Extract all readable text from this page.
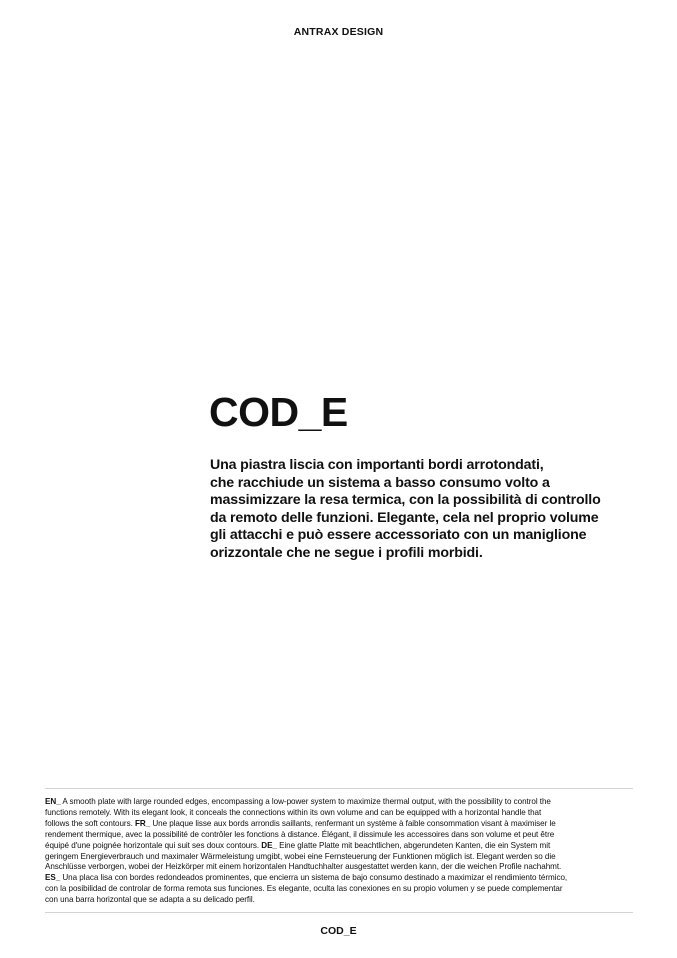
ANTRAX DESIGN
COD_E

Una piastra liscia con importanti bordi arrotondati,
che racchiude un sistema a basso consumo volto a
massimizzare la resa termica, con la possibilità di controllo
da remoto delle funzioni. Elegante, cela nel proprio volume
gli attacchi e può essere accessoriato con un maniglione
orizzontale che ne segue i profili morbidi.

EN_ A smooth plate with large rounded edges, encompassing a low-power system to maximize thermal output, with the possibility to control the
functions remotely. With its elegant look, it conceals the connections within its own volume and can be equipped with a horizontal handle that
follows the soft contours. FR_ Une plaque lisse aux bords arrondis saillants, renfermant un système à faible consommation visant à maximiser le
rendement thermique, avec la possibilité de contrôler les fonctions à distance. Élégant, il dissimule les accessoires dans son volume et peut être
équipé d'une poignée horizontale qui suit ses doux contours. DE_ Eine glatte Platte mit beachtlichen, abgerundeten Kanten, die ein System mit
geringem Energieverbrauch und maximaler Wärmeleistung umgibt, wobei eine Fernsteuerung der Funktionen möglich ist. Elegant werden so die
Anschlüsse verborgen, wobei der Heizkörper mit einem horizontalen Handtuchhalter ausgestattet werden kann, der die weichen Profile nachahmt.
ES_ Una placa lisa con bordes redondeados prominentes, que encierra un sistema de bajo consumo destinado a maximizar el rendimiento térmico,
con la posibilidad de controlar de forma remota sus funciones. Es elegante, oculta las conexiones en su propio volumen y se puede complementar
con una barra horizontal que se adapta a su delicado perfil.

COD_E
